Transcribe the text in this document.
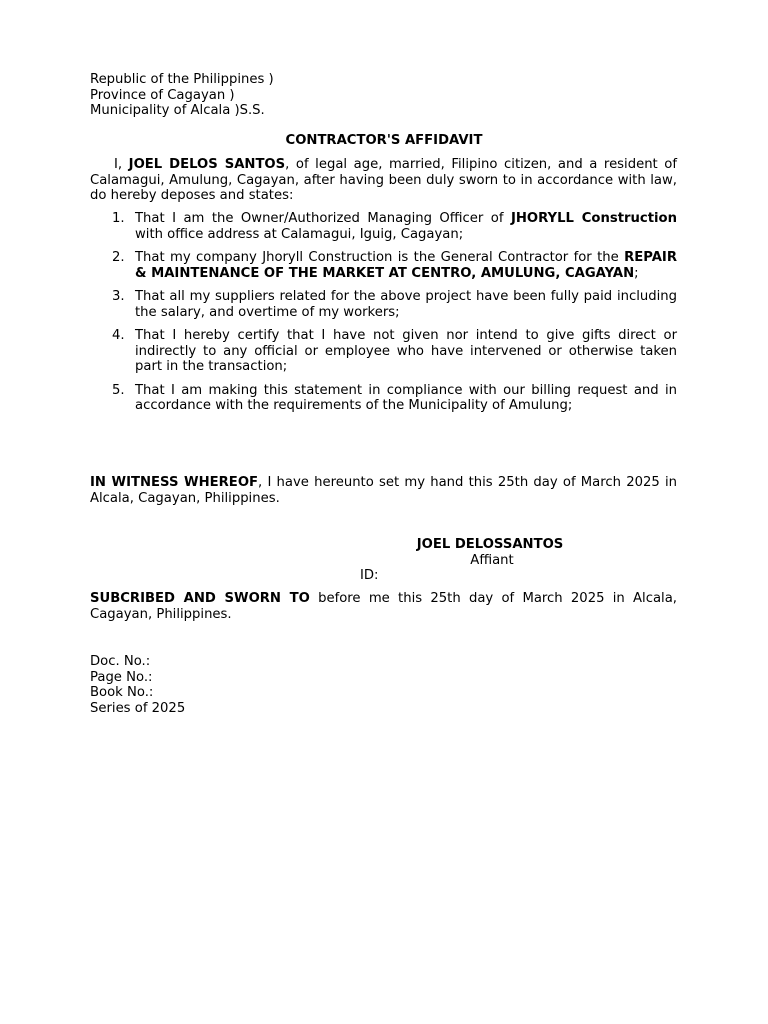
Republic of the Philippines )
Province of Cagayan )
Municipality of Alcala )S.S.
CONTRACTOR'S AFFIDAVIT
I, JOEL DELOS SANTOS, of legal age, married, Filipino citizen, and a resident of Calamagui, Amulung, Cagayan, after having been duly sworn to in accordance with law, do hereby deposes and states:
1. That I am the Owner/Authorized Managing Officer of JHORYLL Construction with office address at Calamagui, Iguig, Cagayan;
2. That my company Jhoryll Construction is the General Contractor for the REPAIR & MAINTENANCE OF THE MARKET AT CENTRO, AMULUNG, CAGAYAN;
3. That all my suppliers related for the above project have been fully paid including the salary, and overtime of my workers;
4. That I hereby certify that I have not given nor intend to give gifts direct or indirectly to any official or employee who have intervened or otherwise taken part in the transaction;
5. That I am making this statement in compliance with our billing request and in accordance with the requirements of the Municipality of Amulung;
IN WITNESS WHEREOF, I have hereunto set my hand this 25th day of March 2025 in Alcala, Cagayan, Philippines.
JOEL DELOSSANTOS
Affiant
ID:
SUBCRIBED AND SWORN TO before me this 25th day of March 2025 in Alcala, Cagayan, Philippines.
Doc. No.:
Page No.:
Book No.:
Series of 2025
